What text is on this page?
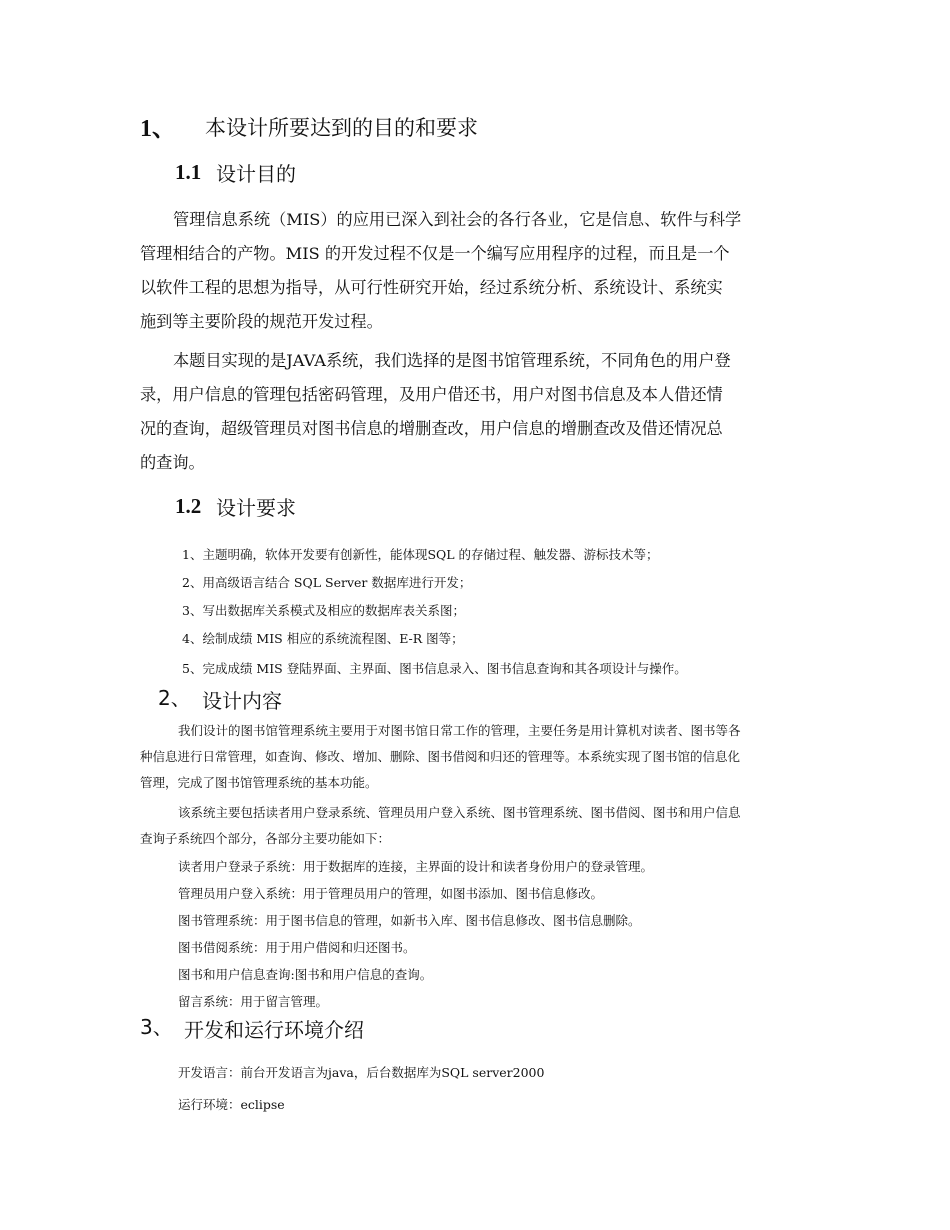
1、 本设计所要达到的目的和要求
1.1 设计目的
管理信息系统（MIS）的应用已深入到社会的各行各业，它是信息、软件与科学
管理相结合的产物。MIS 的开发过程不仅是一个编写应用程序的过程，而且是一个
以软件工程的思想为指导，从可行性研究开始，经过系统分析、系统设计、系统实
施到等主要阶段的规范开发过程。
本题目实现的是JAVA系统，我们选择的是图书馆管理系统，不同角色的用户登
录，用户信息的管理包括密码管理，及用户借还书，用户对图书信息及本人借还情
况的查询，超级管理员对图书信息的增删查改，用户信息的增删查改及借还情况总
的查询。
1.2 设计要求
1、主题明确，软体开发要有创新性，能体现SQL 的存储过程、触发器、游标技术等；
2、用高级语言结合 SQL Server 数据库进行开发；
3、写出数据库关系模式及相应的数据库表关系图；
4、绘制成绩 MIS 相应的系统流程图、E-R 图等；
5、完成成绩 MIS 登陆界面、主界面、图书信息录入、图书信息查询和其各项设计与操作。
2、 设计内容
我们设计的图书馆管理系统主要用于对图书馆日常工作的管理，主要任务是用计算机对读者、图书等各
种信息进行日常管理，如查询、修改、增加、删除、图书借阅和归还的管理等。本系统实现了图书馆的信息化
管理，完成了图书馆管理系统的基本功能。
该系统主要包括读者用户登录系统、管理员用户登入系统、图书管理系统、图书借阅、图书和用户信息
查询子系统四个部分，各部分主要功能如下：
读者用户登录子系统：用于数据库的连接，主界面的设计和读者身份用户的登录管理。
管理员用户登入系统：用于管理员用户的管理，如图书添加、图书信息修改。
图书管理系统：用于图书信息的管理，如新书入库、图书信息修改、图书信息删除。
图书借阅系统：用于用户借阅和归还图书。
图书和用户信息查询:图书和用户信息的查询。
留言系统：用于留言管理。
3、 开发和运行环境介绍
开发语言：前台开发语言为java，后台数据库为SQL server2000
运行环境：eclipse
